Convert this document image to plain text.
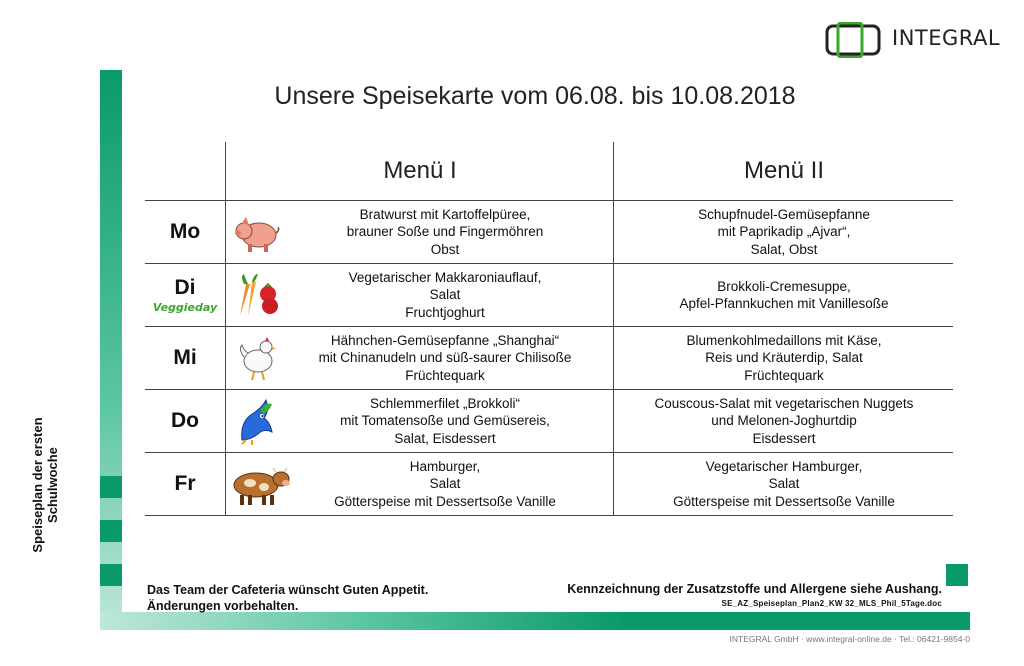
INTEGRAL
Speiseplan der ersten Schulwoche
Unsere Speisekarte vom 06.08. bis 10.08.2018
Menü I	Menü II
Mo
Bratwurst mit Kartoffelpüree,
brauner Soße und Fingermöhren
Obst
Schupfnudel-Gemüsepfanne
mit Paprikadip „Ajvar“,
Salat, Obst
Di
Veggieday
Vegetarischer Makkaroniauflauf,
Salat
Fruchtjoghurt
Brokkoli-Cremesuppe,
Apfel-Pfannkuchen mit Vanillesoße
Mi
Hähnchen-Gemüsepfanne „Shanghai“
mit Chinanudeln und süß-saurer Chilisoße
Früchtequark
Blumenkohlmedaillons mit Käse,
Reis und Kräuterdip, Salat
Früchtequark
Do
Schlemmerfilet „Brokkoli“
mit Tomatensoße und Gemüsereis,
Salat, Eisdessert
Couscous-Salat mit vegetarischen Nuggets
und Melonen-Joghurtdip
Eisdessert
Fr
Hamburger,
Salat
Götterspeise mit Dessertsoße Vanille
Vegetarischer Hamburger,
Salat
Götterspeise mit Dessertsoße Vanille
Das Team der Cafeteria wünscht Guten Appetit.
Änderungen vorbehalten.
Kennzeichnung der Zusatzstoffe und Allergene siehe Aushang.
SE_AZ_Speiseplan_Plan2_KW 32_MLS_Phil_5Tage.doc
INTEGRAL GmbH · www.integral-online.de · Tel.: 06421-9854-0
